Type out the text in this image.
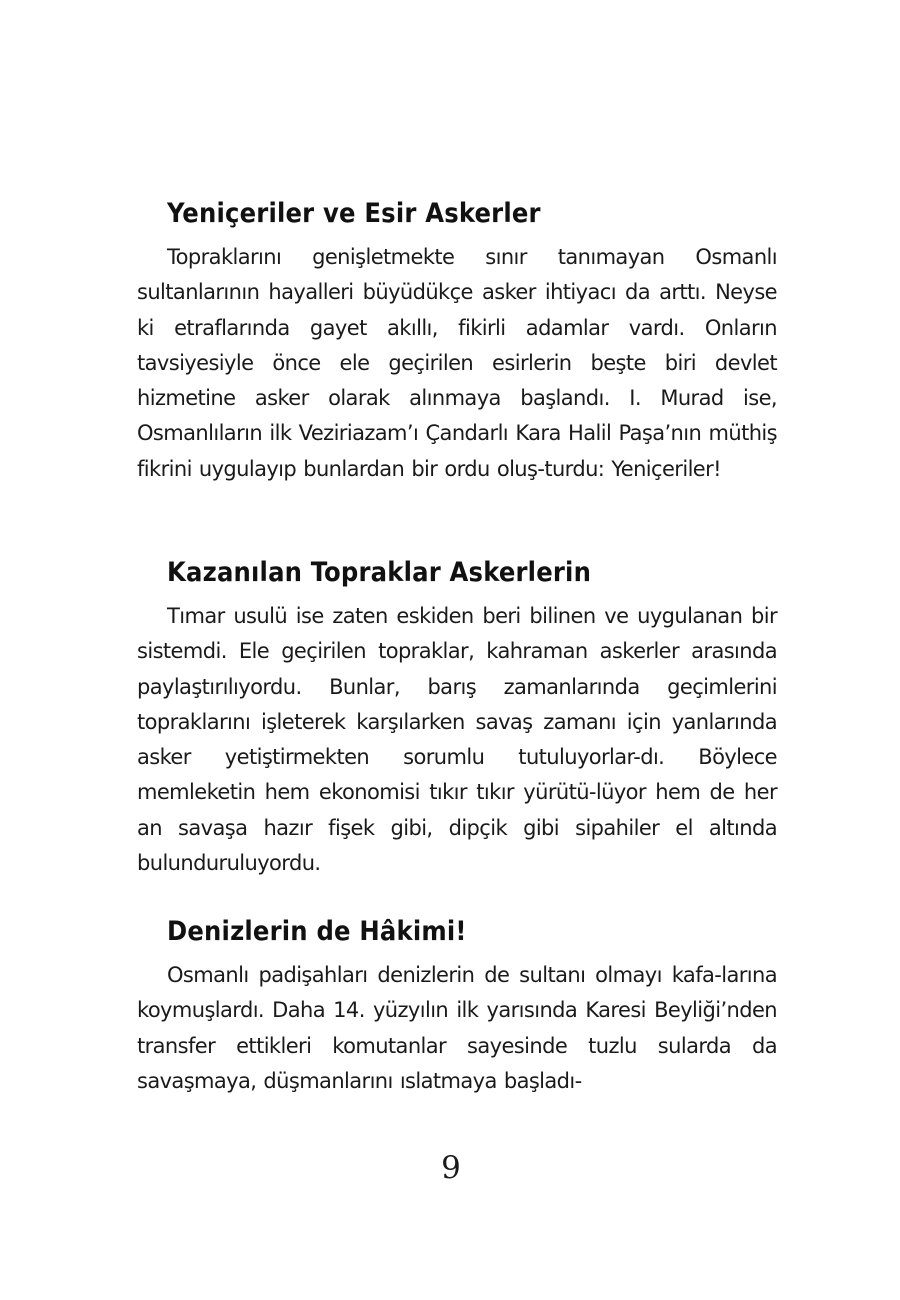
Yeniçeriler ve Esir Askerler

Topraklarını genişletmekte sınır tanımayan Osmanlı sultanlarının hayalleri büyüdükçe asker ihtiyacı da arttı. Neyse ki etraflarında gayet akıllı, fikirli adamlar vardı. Onların tavsiyesiyle önce ele geçirilen esirlerin beşte biri devlet hizmetine asker olarak alınmaya başlandı. I. Murad ise, Osmanlıların ilk Veziriazam’ı Çandarlı Kara Halil Paşa’nın müthiş fikrini uygulayıp bunlardan bir ordu oluş-turdu: Yeniçeriler!

Kazanılan Topraklar Askerlerin

Tımar usulü ise zaten eskiden beri bilinen ve uygulanan bir sistemdi. Ele geçirilen topraklar, kahraman askerler arasında paylaştırılıyordu. Bunlar, barış zamanlarında geçimlerini topraklarını işleterek karşılarken savaş zamanı için yanlarında asker yetiştirmekten sorumlu tutuluyorlar-dı. Böylece memleketin hem ekonomisi tıkır tıkır yürütü-lüyor hem de her an savaşa hazır fişek gibi, dipçik gibi sipahiler el altında bulunduruluyordu.

Denizlerin de Hâkimi!

Osmanlı padişahları denizlerin de sultanı olmayı kafa-larına koymuşlardı. Daha 14. yüzyılın ilk yarısında Karesi Beyliği’nden transfer ettikleri komutanlar sayesinde tuzlu sularda da savaşmaya, düşmanlarını ıslatmaya başladı-

9
